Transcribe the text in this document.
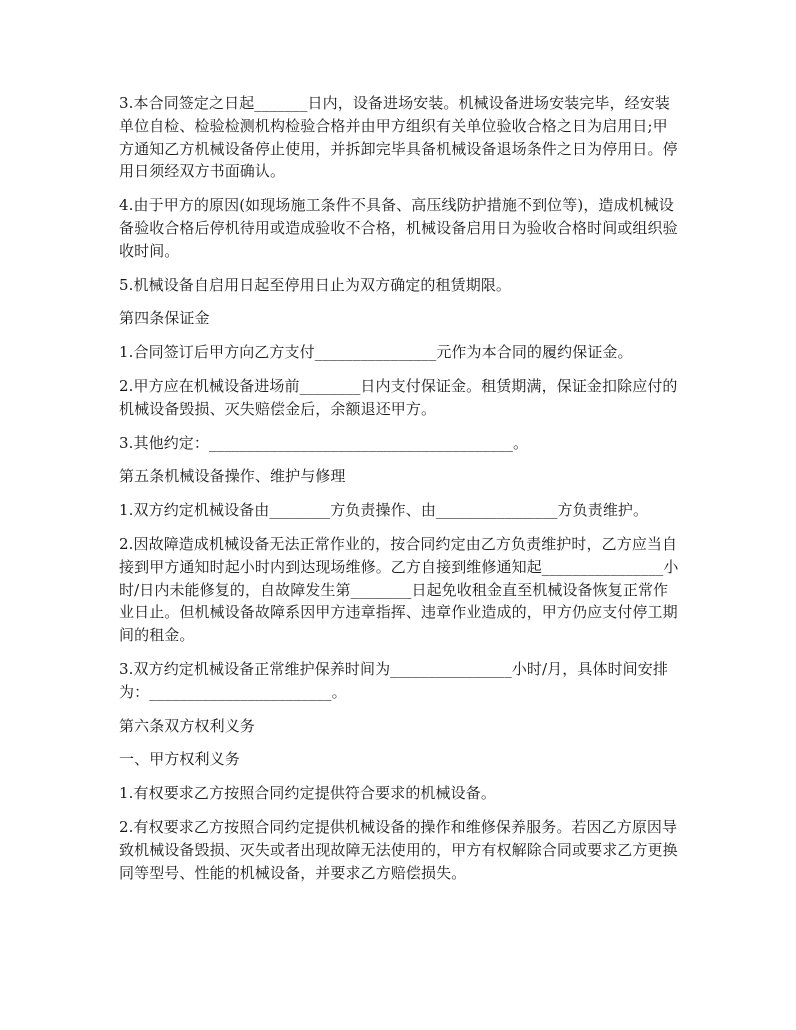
3.本合同签定之日起_______日内，设备进场安装。机械设备进场安装完毕，经安装单位自检、检验检测机构检验合格并由甲方组织有关单位验收合格之日为启用日;甲方通知乙方机械设备停止使用，并拆卸完毕具备机械设备退场条件之日为停用日。停用日须经双方书面确认。

4.由于甲方的原因(如现场施工条件不具备、高压线防护措施不到位等)，造成机械设备验收合格后停机待用或造成验收不合格，机械设备启用日为验收合格时间或组织验收时间。

5.机械设备自启用日起至停用日止为双方确定的租赁期限。

第四条保证金

1.合同签订后甲方向乙方支付________________元作为本合同的履约保证金。

2.甲方应在机械设备进场前________日内支付保证金。租赁期满，保证金扣除应付的机械设备毁损、灭失赔偿金后，余额退还甲方。

3.其他约定：________________________________________。

第五条机械设备操作、维护与修理

1.双方约定机械设备由________方负责操作、由________________方负责维护。

2.因故障造成机械设备无法正常作业的，按合同约定由乙方负责维护时，乙方应当自接到甲方通知时起小时内到达现场维修。乙方自接到维修通知起________________小时/日内未能修复的，自故障发生第________日起免收租金直至机械设备恢复正常作业日止。但机械设备故障系因甲方违章指挥、违章作业造成的，甲方仍应支付停工期间的租金。

3.双方约定机械设备正常维护保养时间为________________小时/月，具体时间安排为：________________________。

第六条双方权利义务

一、甲方权利义务

1.有权要求乙方按照合同约定提供符合要求的机械设备。

2.有权要求乙方按照合同约定提供机械设备的操作和维修保养服务。若因乙方原因导致机械设备毁损、灭失或者出现故障无法使用的，甲方有权解除合同或要求乙方更换同等型号、性能的机械设备，并要求乙方赔偿损失。
